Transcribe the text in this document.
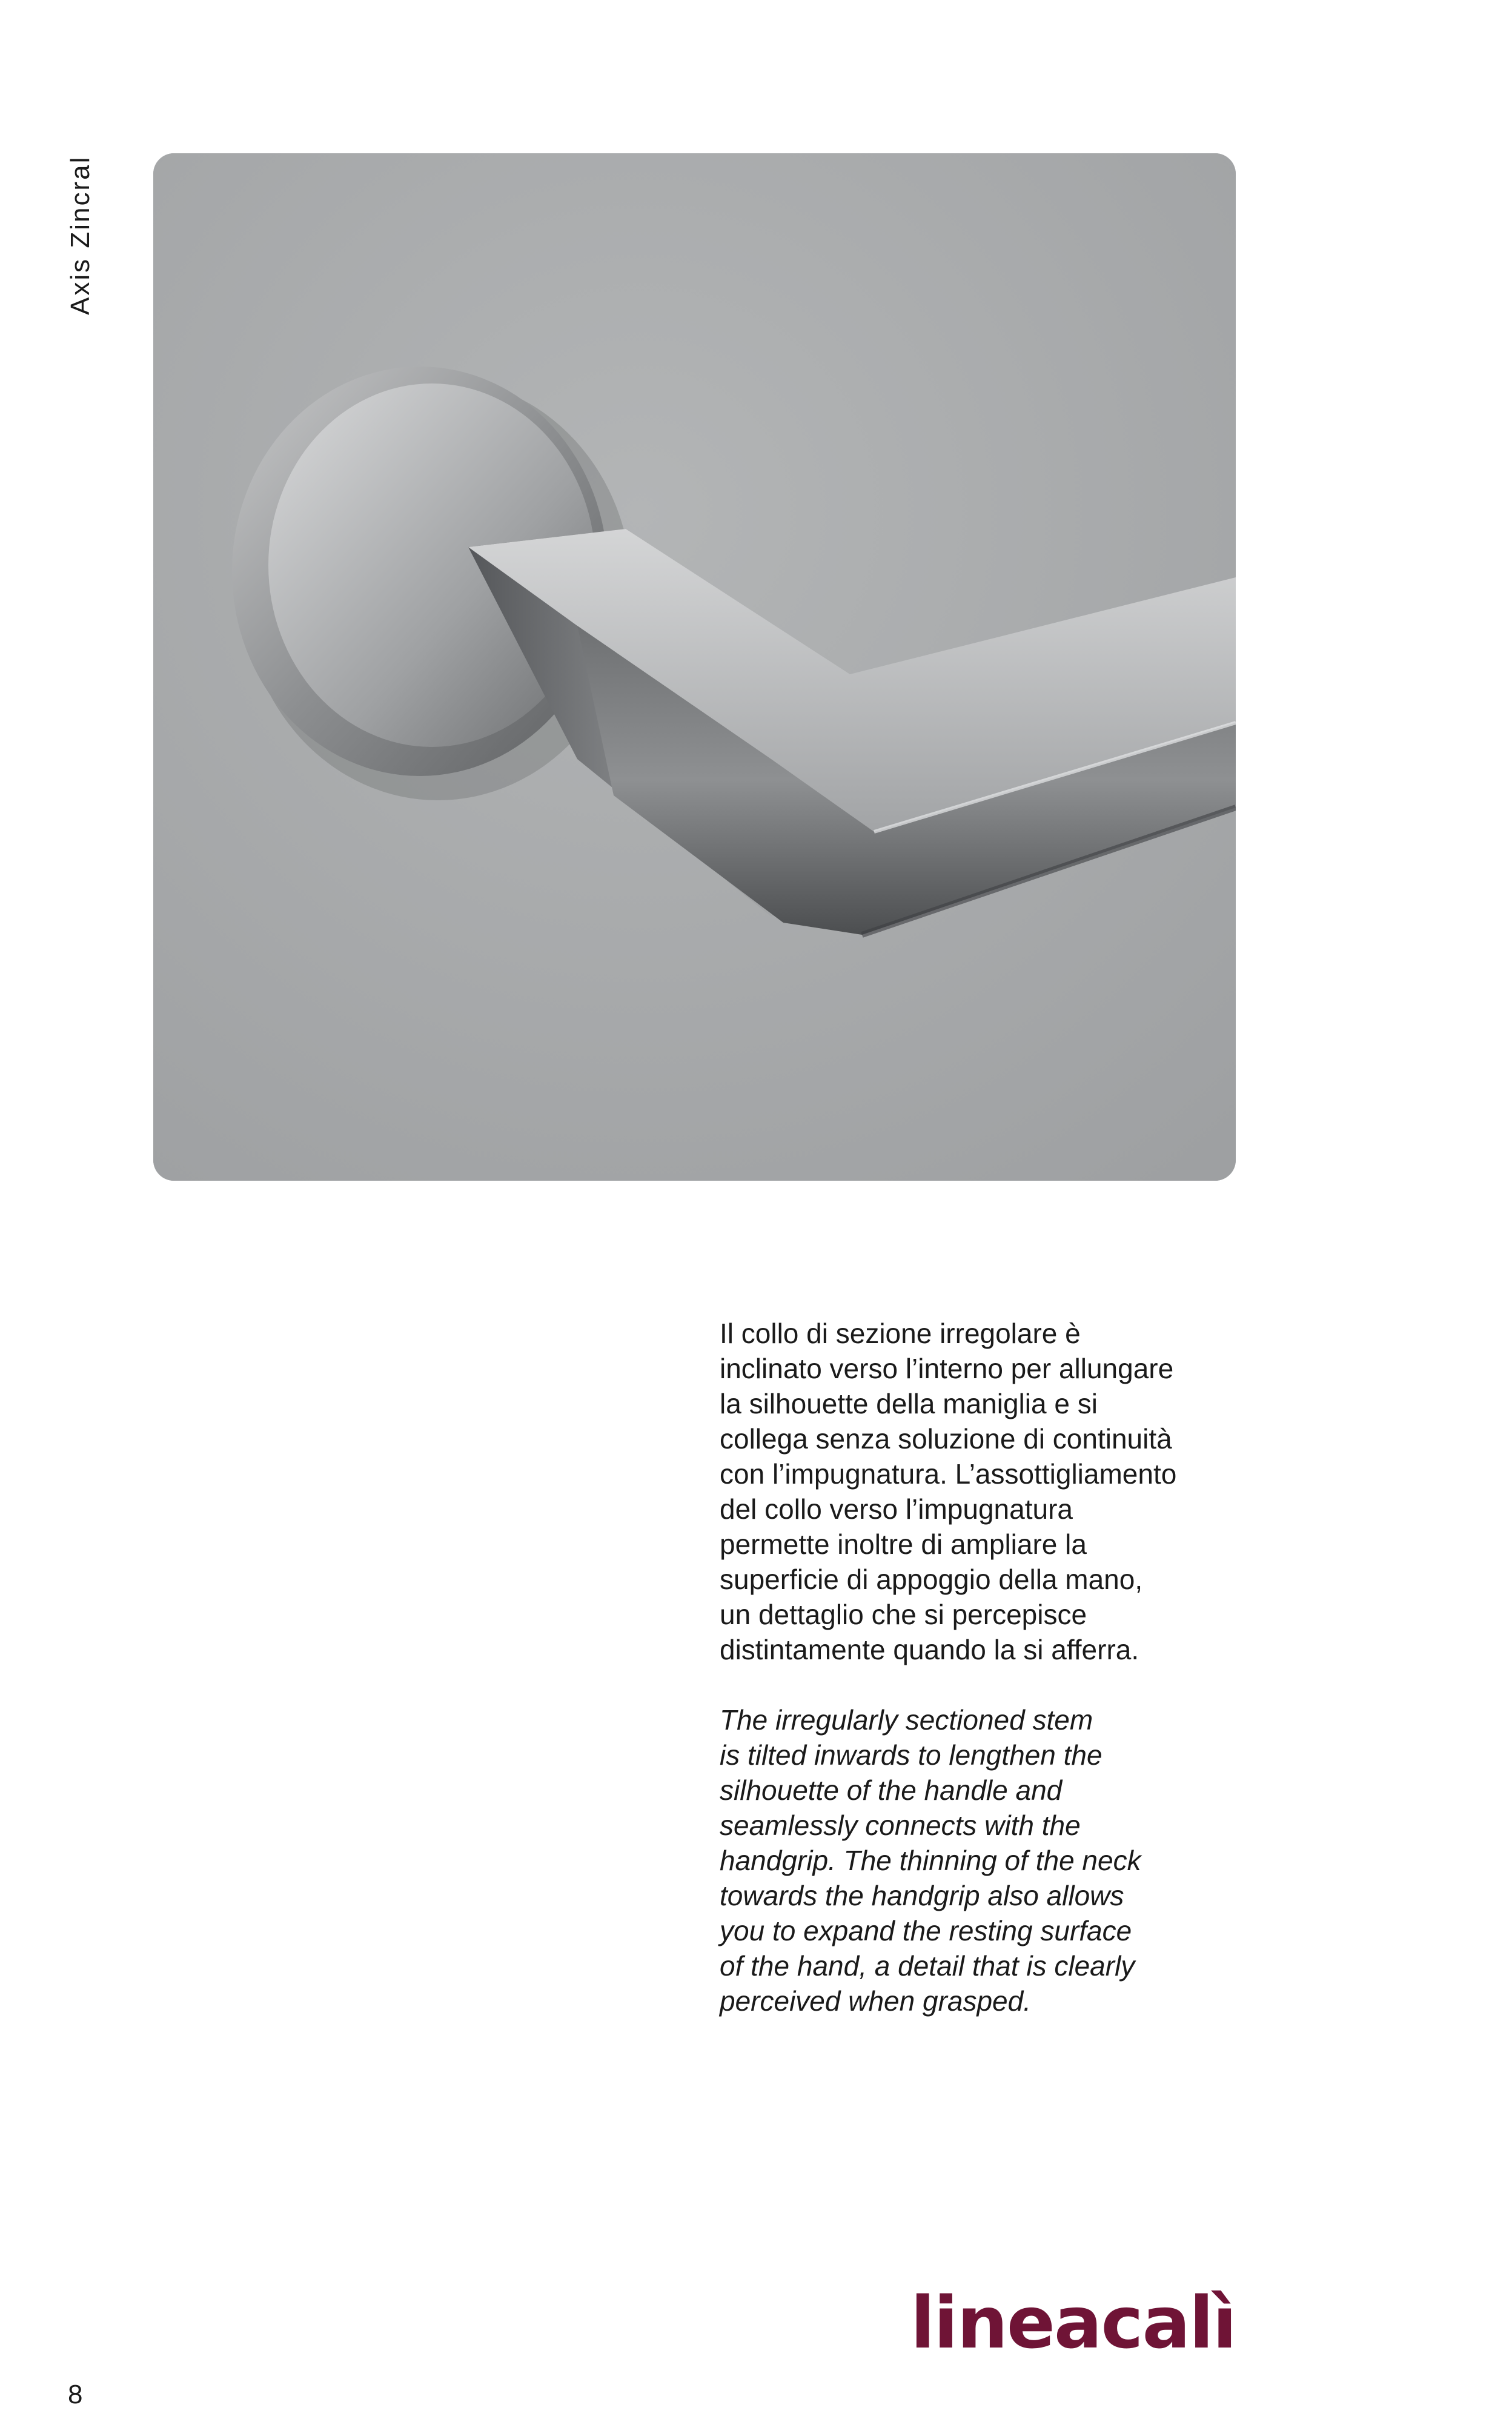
Axis Zincral

Il collo di sezione irregolare è
inclinato verso l’interno per allungare
la silhouette della maniglia e si
collega senza soluzione di continuità
con l’impugnatura. L’assottigliamento
del collo verso l’impugnatura
permette inoltre di ampliare la
superficie di appoggio della mano,
un dettaglio che si percepisce
distintamente quando la si afferra.

The irregularly sectioned stem
is tilted inwards to lengthen the
silhouette of the handle and
seamlessly connects with the
handgrip. The thinning of the neck
towards the handgrip also allows
you to expand the resting surface
of the hand, a detail that is clearly
perceived when grasped.

8
lineacalì
